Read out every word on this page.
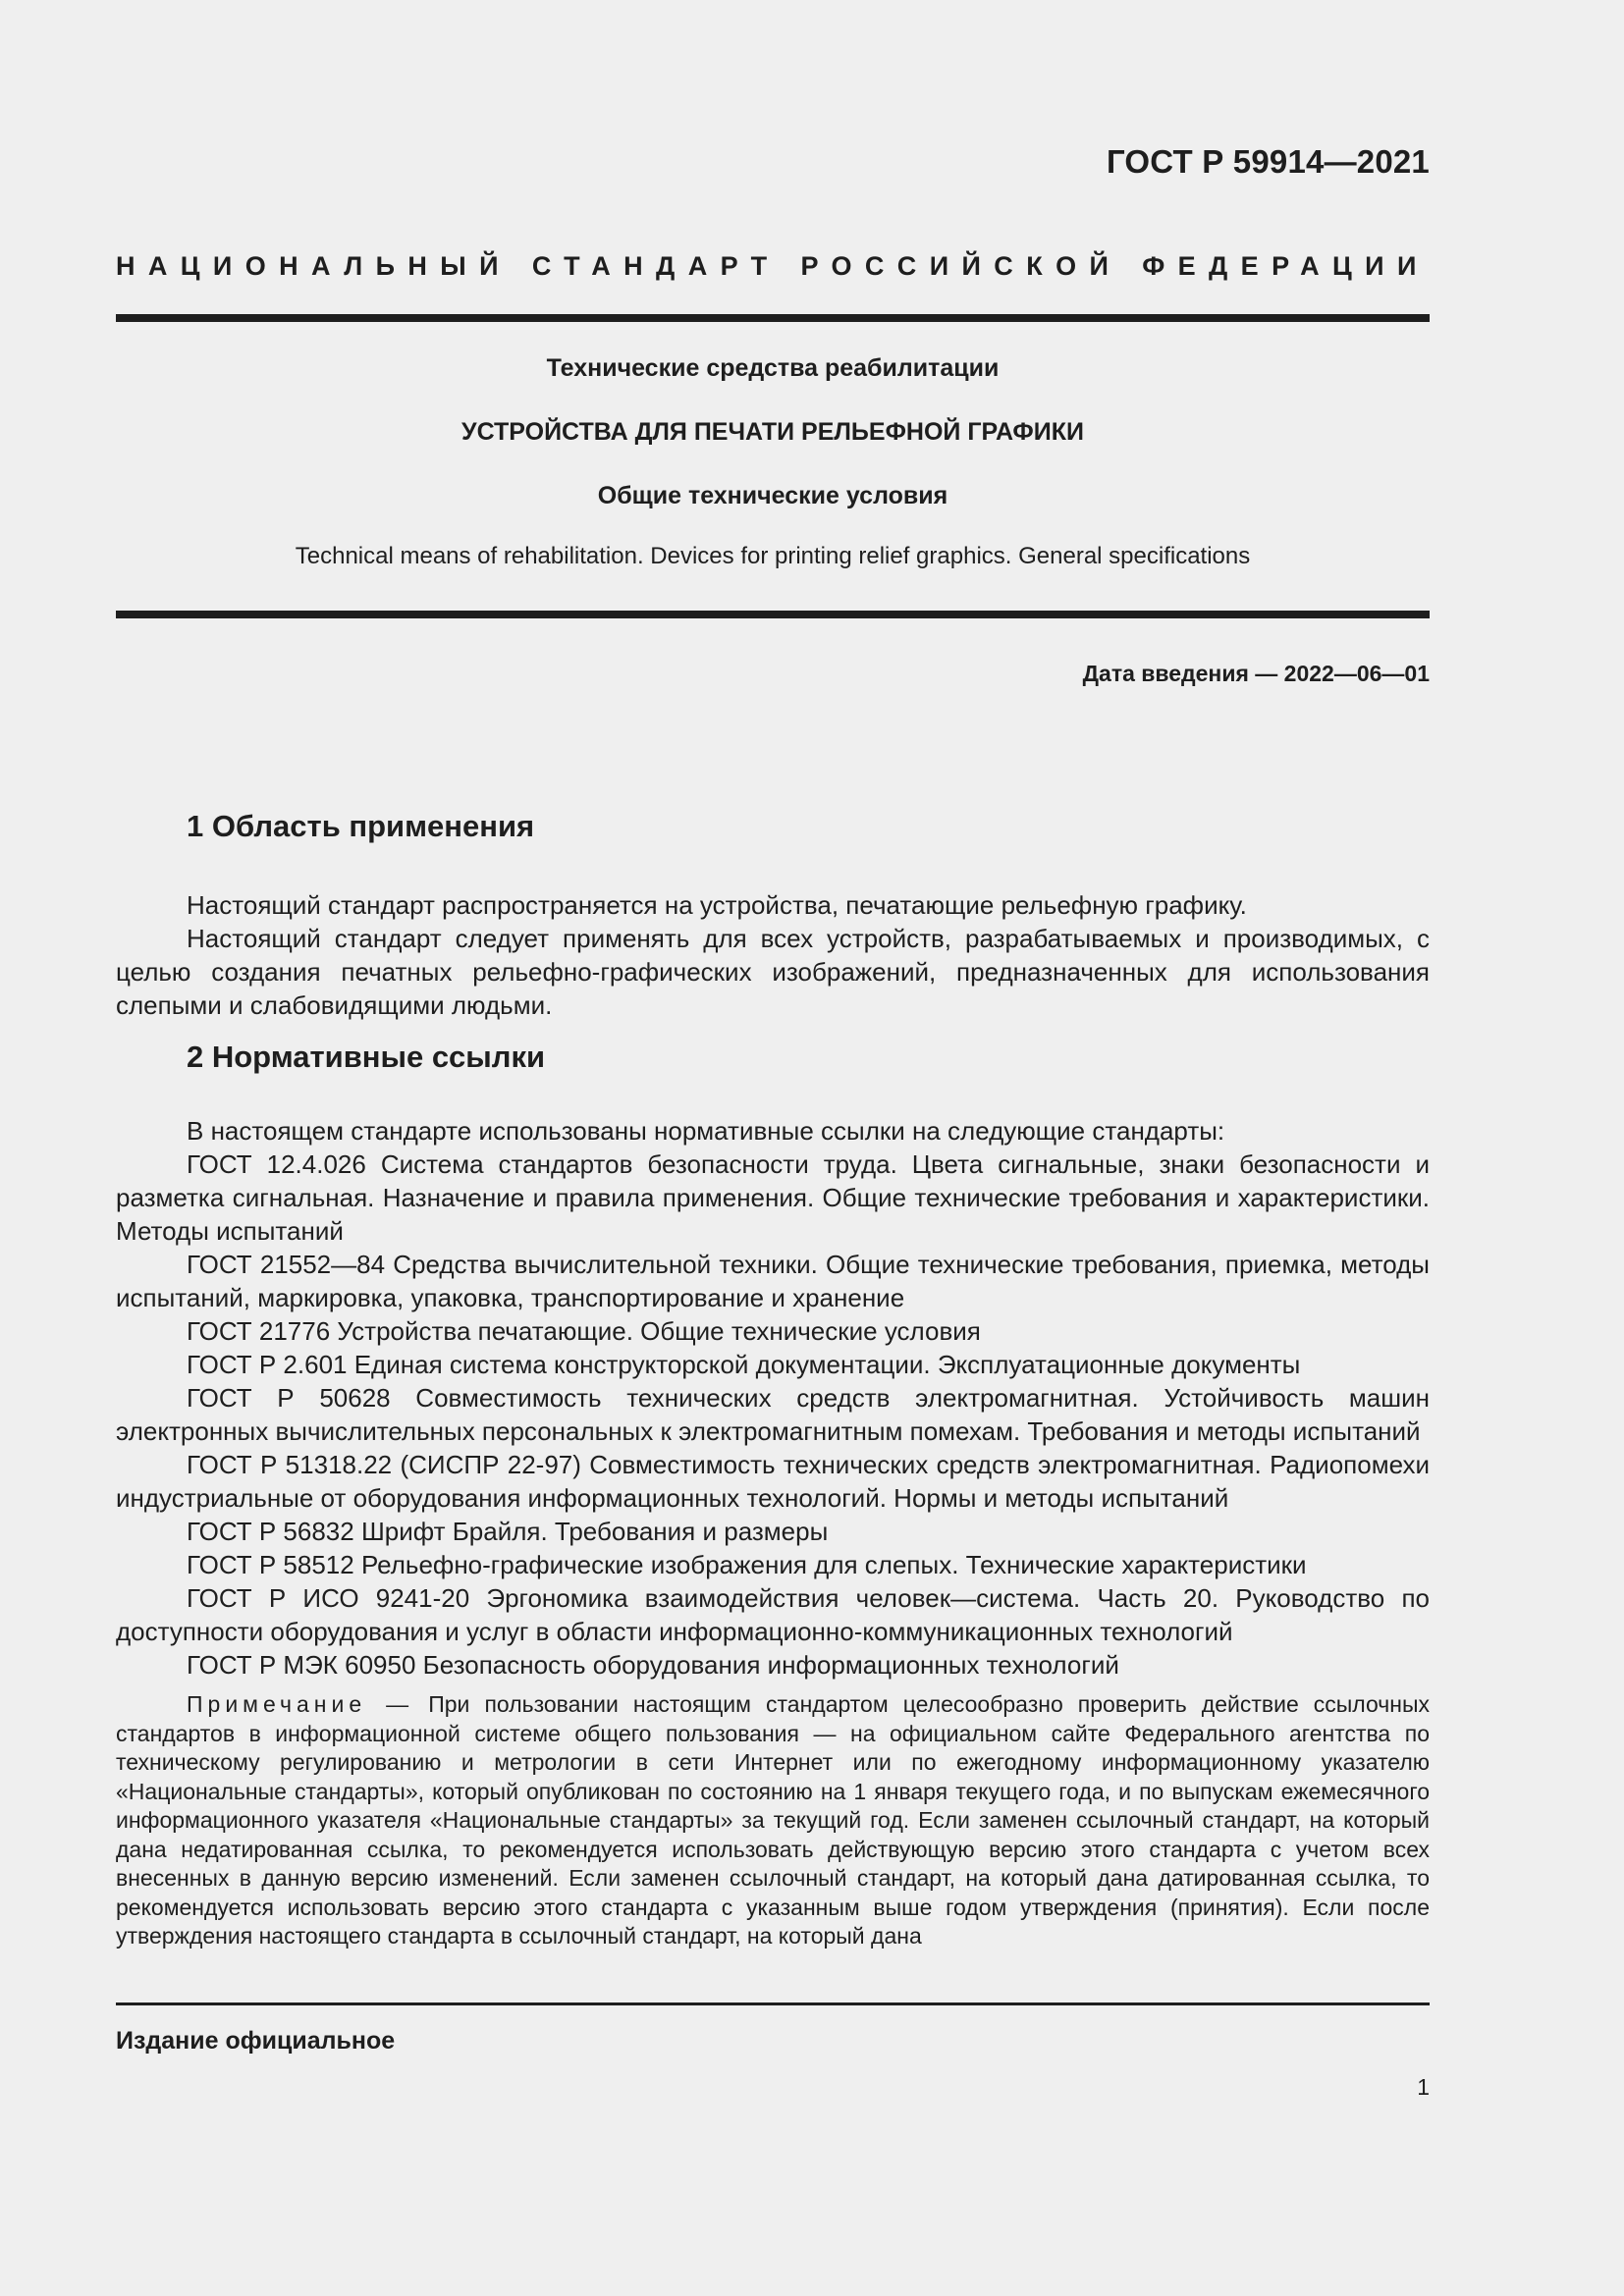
ГОСТ Р 59914—2021
НАЦИОНАЛЬНЫЙ СТАНДАРТ РОССИЙСКОЙ ФЕДЕРАЦИИ
Технические средства реабилитации
УСТРОЙСТВА ДЛЯ ПЕЧАТИ РЕЛЬЕФНОЙ ГРАФИКИ
Общие технические условия
Technical means of rehabilitation. Devices for printing relief graphics. General specifications
Дата введения — 2022—06—01
1 Область применения

Настоящий стандарт распространяется на устройства, печатающие рельефную графику.

Настоящий стандарт следует применять для всех устройств, разрабатываемых и производимых, с целью создания печатных рельефно-графических изображений, предназначенных для использования слепыми и слабовидящими людьми.

2 Нормативные ссылки

В настоящем стандарте использованы нормативные ссылки на следующие стандарты:

ГОСТ 12.4.026 Система стандартов безопасности труда. Цвета сигнальные, знаки безопасности и разметка сигнальная. Назначение и правила применения. Общие технические требования и характеристики. Методы испытаний

ГОСТ 21552—84 Средства вычислительной техники. Общие технические требования, приемка, методы испытаний, маркировка, упаковка, транспортирование и хранение

ГОСТ 21776 Устройства печатающие. Общие технические условия

ГОСТ Р 2.601 Единая система конструкторской документации. Эксплуатационные документы

ГОСТ Р 50628 Совместимость технических средств электромагнитная. Устойчивость машин электронных вычислительных персональных к электромагнитным помехам. Требования и методы испытаний

ГОСТ Р 51318.22 (СИСПР 22-97) Совместимость технических средств электромагнитная. Радиопомехи индустриальные от оборудования информационных технологий. Нормы и методы испытаний

ГОСТ Р 56832 Шрифт Брайля. Требования и размеры

ГОСТ Р 58512 Рельефно-графические изображения для слепых. Технические характеристики

ГОСТ Р ИСО 9241-20 Эргономика взаимодействия человек—система. Часть 20. Руководство по доступности оборудования и услуг в области информационно-коммуникационных технологий

ГОСТ Р МЭК 60950 Безопасность оборудования информационных технологий

Примечание — При пользовании настоящим стандартом целесообразно проверить действие ссылочных стандартов в информационной системе общего пользования — на официальном сайте Федерального агентства по техническому регулированию и метрологии в сети Интернет или по ежегодному информационному указателю «Национальные стандарты», который опубликован по состоянию на 1 января текущего года, и по выпускам ежемесячного информационного указателя «Национальные стандарты» за текущий год. Если заменен ссылочный стандарт, на который дана недатированная ссылка, то рекомендуется использовать действующую версию этого стандарта с учетом всех внесенных в данную версию изменений. Если заменен ссылочный стандарт, на который дана датированная ссылка, то рекомендуется использовать версию этого стандарта с указанным выше годом утверждения (принятия). Если после утверждения настоящего стандарта в ссылочный стандарт, на который дана

Издание официальное
1
